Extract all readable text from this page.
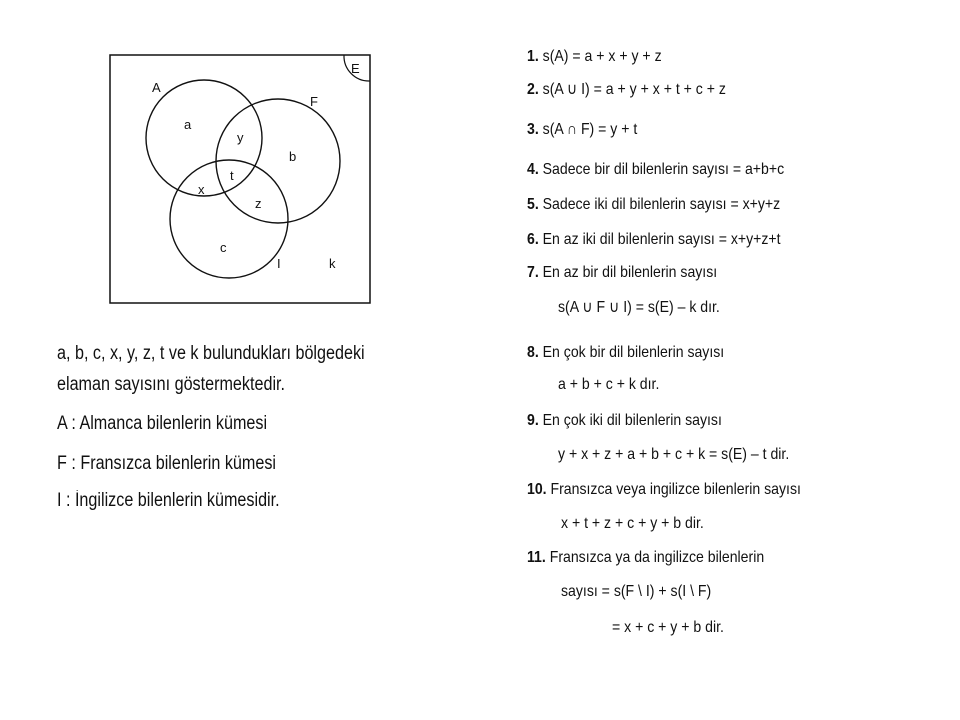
E
A
F
I
a
y
b
x
t
z
c
k
a, b, c, x, y, z, t ve k bulundukları bölgedeki
elaman sayısını göstermektedir.
A : Almanca bilenlerin kümesi
F : Fransızca bilenlerin kümesi
I : İngilizce bilenlerin kümesidir.
1. s(A) = a + x + y + z
2. s(A ∪ I) = a + y + x + t + c + z
3. s(A ∩ F) = y + t
4. Sadece bir dil bilenlerin sayısı = a+b+c
5. Sadece iki dil bilenlerin sayısı = x+y+z
6. En az iki dil bilenlerin sayısı = x+y+z+t
7. En az bir dil bilenlerin sayısı
s(A ∪ F ∪ I) = s(E) – k dır.
8. En çok bir dil bilenlerin sayısı
a + b + c + k dır.
9. En çok iki dil bilenlerin sayısı
y + x + z + a + b + c + k = s(E) – t dir.
10. Fransızca veya ingilizce bilenlerin sayısı
x + t + z + c + y + b dir.
11. Fransızca ya da ingilizce bilenlerin
sayısı = s(F \ I) + s(I \ F)
= x + c + y + b dir.
